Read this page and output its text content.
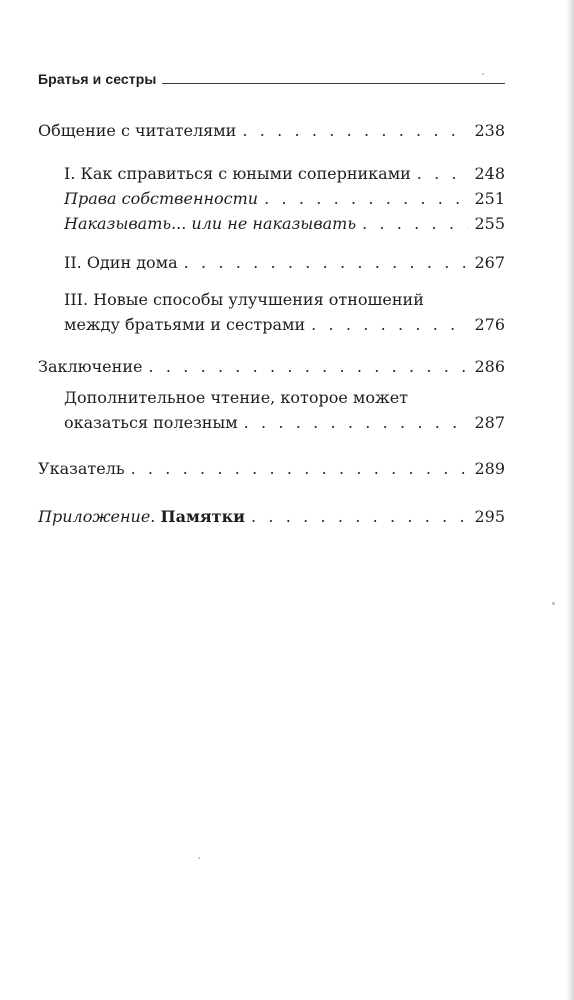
Братья и сестры
Общение с читателями . . .	238
I. Как справиться с юными соперниками . . .	248
Права собственности . . .	251
Наказывать... или не наказывать . . .	255
II. Один дома . . .	267
III. Новые способы улучшения отношений
между братьями и сестрами . . .	276
Заключение . . .	286
Дополнительное чтение, которое может
оказаться полезным . . .	287
Указатель . . .	289
Приложение. Памятки . . .	295
